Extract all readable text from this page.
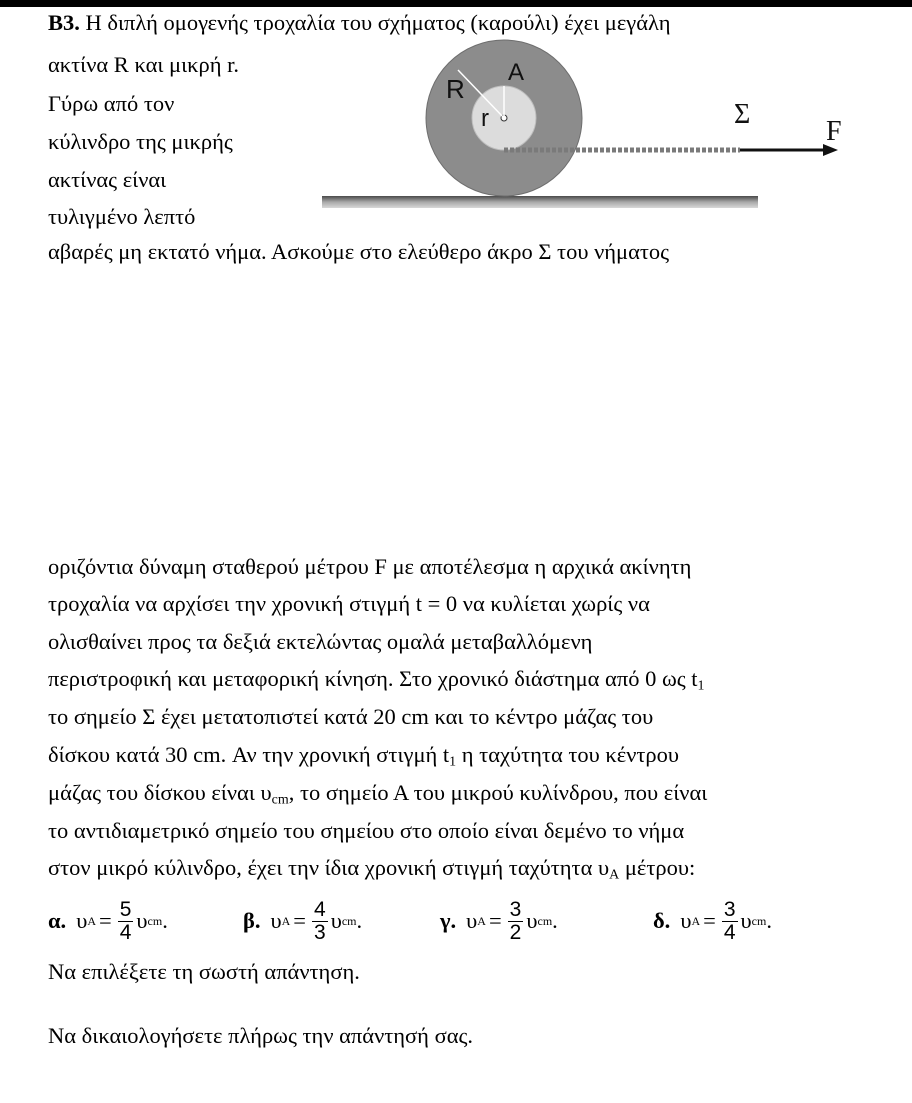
Β3. Η διπλή ομογενής τροχαλία του σχήματος (καρούλι) έχει μεγάλη
ακτίνα R και μικρή r.
Γύρω από τον
κύλινδρο της μικρής
ακτίνας είναι
τυλιγμένο λεπτό
αβαρές μη εκτατό νήμα. Ασκούμε στο ελεύθερο άκρο Σ του νήματος
A
R
r	Σ
F
οριζόντια δύναμη σταθερού μέτρου F με αποτέλεσμα η αρχικά ακίνητη
τροχαλία να αρχίσει την χρονική στιγμή t = 0 να κυλίεται χωρίς να
ολισθαίνει προς τα δεξιά εκτελώντας ομαλά μεταβαλλόμενη
περιστροφική και μεταφορική κίνηση. Στο χρονικό διάστημα από 0 ως $t_1$
το σημείο Σ έχει μετατοπιστεί κατά 20 cm και το κέντρο μάζας του
δίσκου κατά 30 cm. Αν την χρονική στιγμή $t_1$ η ταχύτητα του κέντρου
μάζας του δίσκου είναι $\upsilon_{cm}$, το σημείο Α του μικρού κυλίνδρου, που είναι
το αντιδιαμετρικό σημείο του σημείου στο οποίο είναι δεμένο το νήμα
στον μικρό κύλινδρο, έχει την ίδια χρονική στιγμή ταχύτητα $\upsilon_A$ μέτρου:
α. υ $A = \frac{5}{4}$ υ cm .	β. υ $A = \frac{4}{3}$ υ cm .	γ. υ $A = \frac{3}{2}$ υ cm .	δ. υ $A = \frac{3}{4}$ υ cm .
Να επιλέξετε τη σωστή απάντηση.
Να δικαιολογήσετε πλήρως την απάντησή σας.
